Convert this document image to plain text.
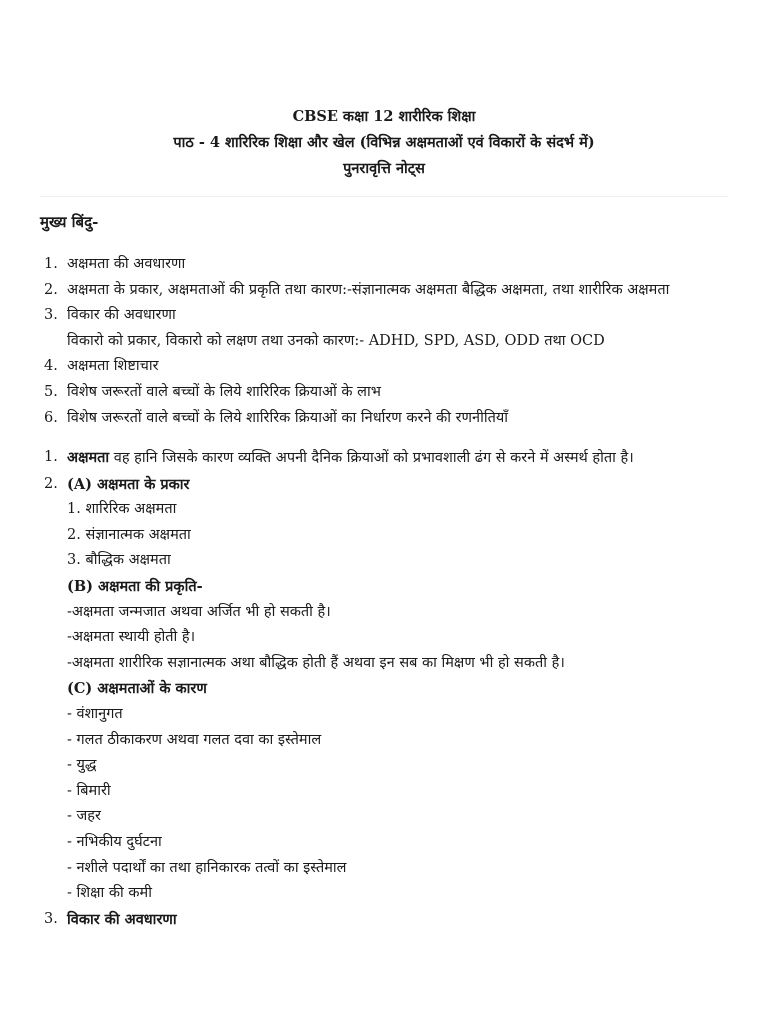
CBSE कक्षा 12 शारीरिक शिक्षा
पाठ - 4 शारिरिक शिक्षा और खेल (विभिन्न अक्षमताओं एवं विकारों के संदर्भ में)
पुनरावृत्ति नोट्स
मुख्य बिंदु-
1. अक्षमता की अवधारणा
2. अक्षमता के प्रकार, अक्षमताओं की प्रकृति तथा कारण:-संज्ञानात्मक अक्षमता बैद्धिक अक्षमता, तथा शारीरिक अक्षमता
3. विकार की अवधारणा
विकारो को प्रकार, विकारो को लक्षण तथा उनको कारण:- ADHD, SPD, ASD, ODD तथा OCD
4. अक्षमता शिष्टाचार
5. विशेष जरूरतों वाले बच्चों के लिये शारिरिक क्रियाओं के लाभ
6. विशेष जरूरतों वाले बच्चों के लिये शारिरिक क्रियाओं का निर्धारण करने की रणनीतियाँ
1. अक्षमता वह हानि जिसके कारण व्यक्ति अपनी दैनिक क्रियाओं को प्रभावशाली ढंग से करने में अस्मर्थ होता है।
2. (A) अक्षमता के प्रकार
1. शारिरिक अक्षमता
2. संज्ञानात्मक अक्षमता
3. बौद्धिक अक्षमता
(B) अक्षमता की प्रकृति-
-अक्षमता जन्मजात अथवा अर्जित भी हो सकती है।
-अक्षमता स्थायी होती है।
-अक्षमता शारीरिक सज्ञानात्मक अथा बौद्धिक होती हैं अथवा इन सब का मिक्षण भी हो सकती है।
(C) अक्षमताओं के कारण
- वंशानुगत
- गलत ठीकाकरण अथवा गलत दवा का इस्तेमाल
- युद्ध
- बिमारी
- जहर
- नभिकीय दुर्घटना
- नशीले पदार्थों का तथा हानिकारक तत्वों का इस्तेमाल
- शिक्षा की कमी
3. विकार की अवधारणा
